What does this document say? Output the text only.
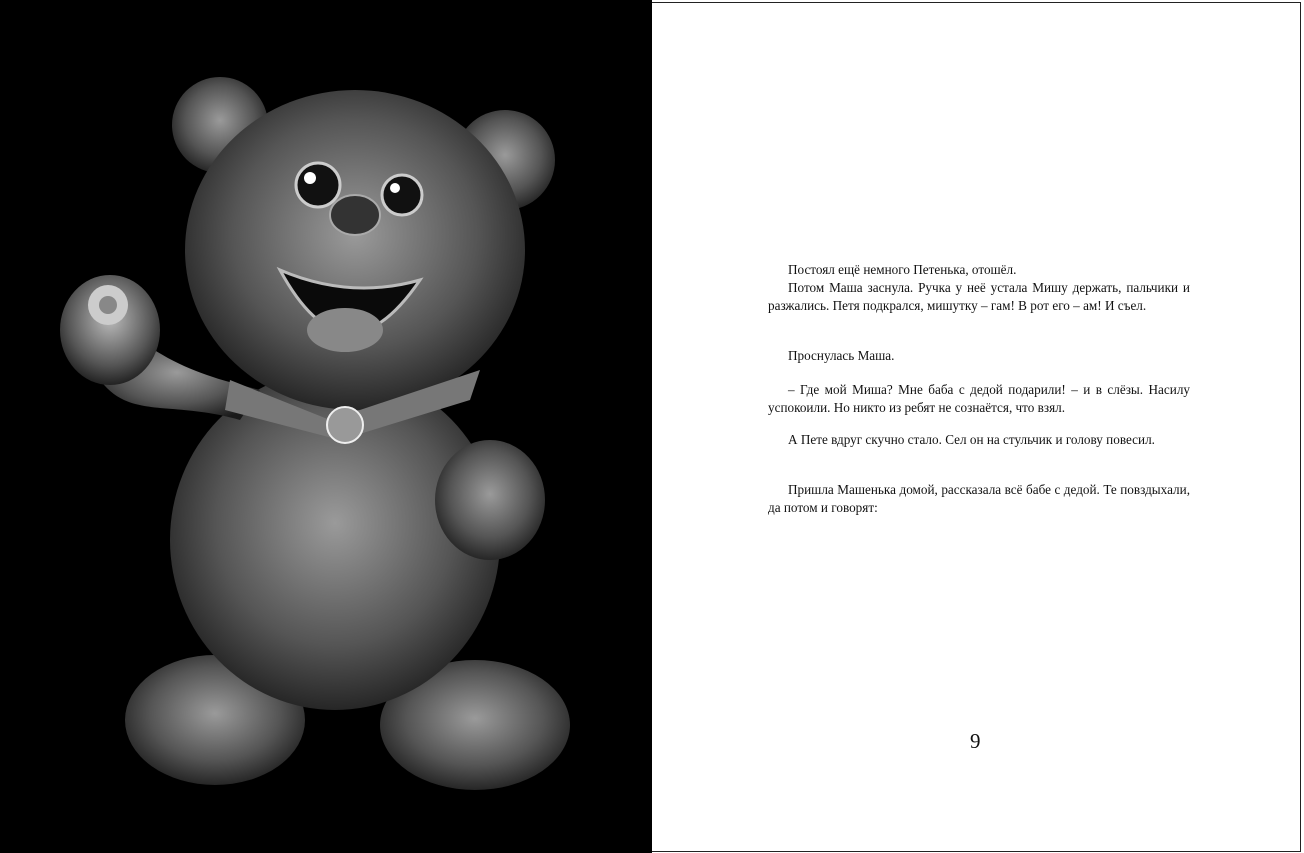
Постоял ещё немного Петенька, отошёл.

Потом Маша заснула. Ручка у неё устала Мишу держать, пальчики и разжались. Петя подкрался, мишутку – гам! В рот его – ам! И съел.

Проснулась Маша.

– Где мой Миша? Мне баба с дедой подарили! – и в слёзы. Насилу успокоили. Но никто из ребят не сознаётся, что взял.

А Пете вдруг скучно стало. Сел он на стульчик и голову повесил.

Пришла Машенька домой, рассказала всё бабе с дедой. Те повздыхали, да потом и говорят:

9
